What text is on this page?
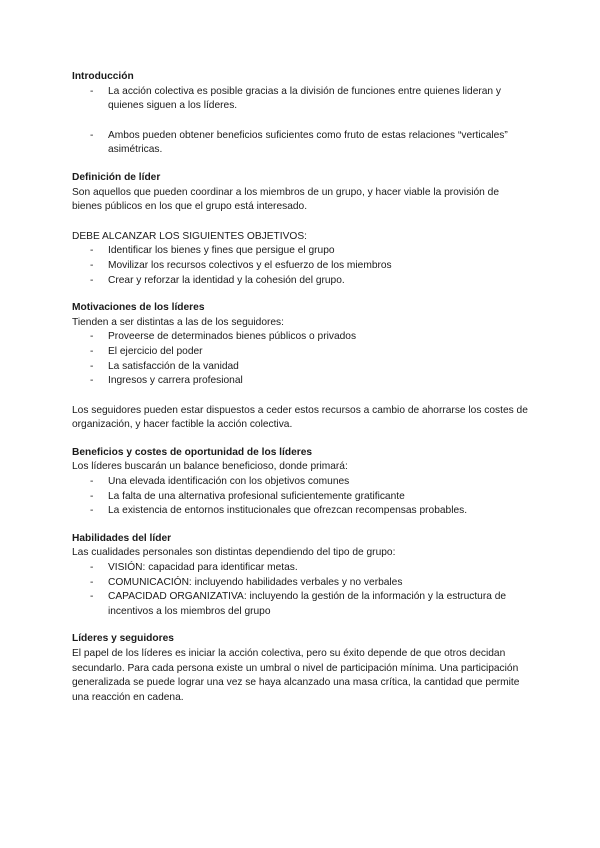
Introducción
- La acción colectiva es posible gracias a la división de funciones entre quienes lideran y quienes siguen a los líderes.
- Ambos pueden obtener beneficios suficientes como fruto de estas relaciones “verticales” asimétricas.
Definición de líder

Son aquellos que pueden coordinar a los miembros de un grupo, y hacer viable la provisión de bienes públicos en los que el grupo está interesado.

DEBE ALCANZAR LOS SIGUIENTES OBJETIVOS:

- Identificar los bienes y fines que persigue el grupo
- Movilizar los recursos colectivos y el esfuerzo de los miembros
- Crear y reforzar la identidad y la cohesión del grupo.
Motivaciones de los líderes

Tienden a ser distintas a las de los seguidores:

- Proveerse de determinados bienes públicos o privados
- El ejercicio del poder
- La satisfacción de la vanidad
- Ingresos y carrera profesional

Los seguidores pueden estar dispuestos a ceder estos recursos a cambio de ahorrarse los costes de organización, y hacer factible la acción colectiva.

Beneficios y costes de oportunidad de los líderes

Los líderes buscarán un balance beneficioso, donde primará:

- Una elevada identificación con los objetivos comunes
- La falta de una alternativa profesional suficientemente gratificante
- La existencia de entornos institucionales que ofrezcan recompensas probables.
Habilidades del líder

Las cualidades personales son distintas dependiendo del tipo de grupo:

- VISIÓN: capacidad para identificar metas.
- COMUNICACIÓN: incluyendo habilidades verbales y no verbales
- CAPACIDAD ORGANIZATIVA: incluyendo la gestión de la información y la estructura de incentivos a los miembros del grupo
Líderes y seguidores

El papel de los líderes es iniciar la acción colectiva, pero su éxito depende de que otros decidan secundarlo. Para cada persona existe un umbral o nivel de participación mínima. Una participación generalizada se puede lograr una vez se haya alcanzado una masa crítica, la cantidad que permite una reacción en cadena.
